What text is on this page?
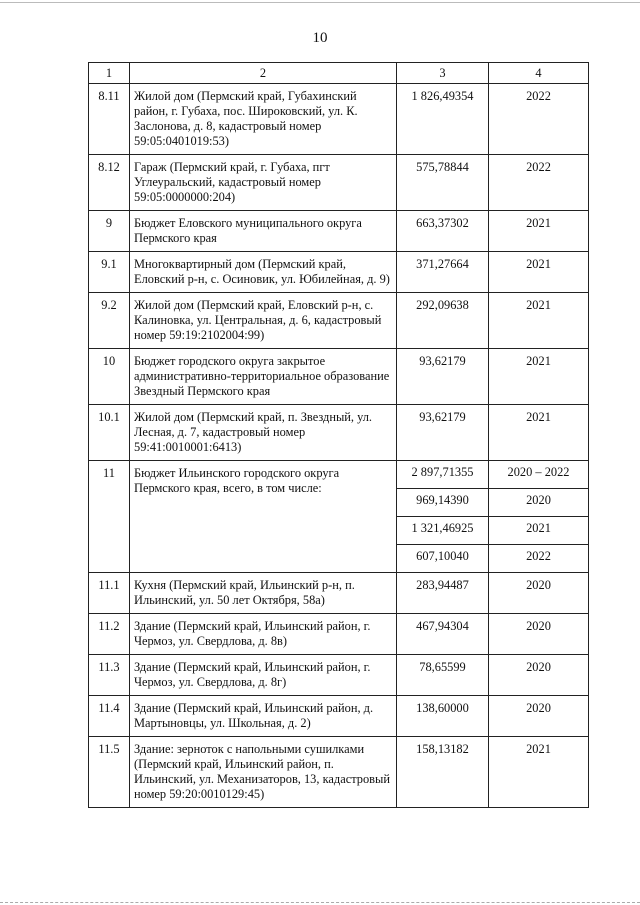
10
1	2	3	4
8.11	Жилой дом (Пермский край, Губахинский район, г. Губаха, пос. Широковский, ул. К. Заслонова, д. 8, кадастровый номер 59:05:0401019:53)	1 826,49354	2022
8.12	Гараж (Пермский край, г. Губаха, пгт Углеуральский, кадастровый номер 59:05:0000000:204)	575,78844	2022
9	Бюджет Еловского муниципального округа Пермского края	663,37302	2021
9.1	Многоквартирный дом (Пермский край, Еловский р-н, с. Осиновик, ул. Юбилейная, д. 9)	371,27664	2021
9.2	Жилой дом (Пермский край, Еловский р-н, с. Калиновка, ул. Центральная, д. 6, кадастровый номер 59:19:2102004:99)	292,09638	2021
10	Бюджет городского округа закрытое административно-территориальное образование Звездный Пермского края	93,62179	2021
10.1	Жилой дом (Пермский край, п. Звездный, ул. Лесная, д. 7, кадастровый номер 59:41:0010001:6413)	93,62179	2021
11	Бюджет Ильинского городского округа Пермского края, всего, в том числе:	2 897,71355	2020 – 2022
		969,14390	2020
		1 321,46925	2021
		607,10040	2022
11.1	Кухня (Пермский край, Ильинский р-н, п. Ильинский, ул. 50 лет Октября, 58а)	283,94487	2020
11.2	Здание (Пермский край, Ильинский район, г. Чермоз, ул. Свердлова, д. 8в)	467,94304	2020
11.3	Здание (Пермский край, Ильинский район, г. Чермоз, ул. Свердлова, д. 8г)	78,65599	2020
11.4	Здание (Пермский край, Ильинский район, д. Мартыновцы, ул. Школьная, д. 2)	138,60000	2020
11.5	Здание: зерноток с напольными сушилками (Пермский край, Ильинский район, п. Ильинский, ул. Механизаторов, 13, кадастровый номер 59:20:0010129:45)	158,13182	2021
